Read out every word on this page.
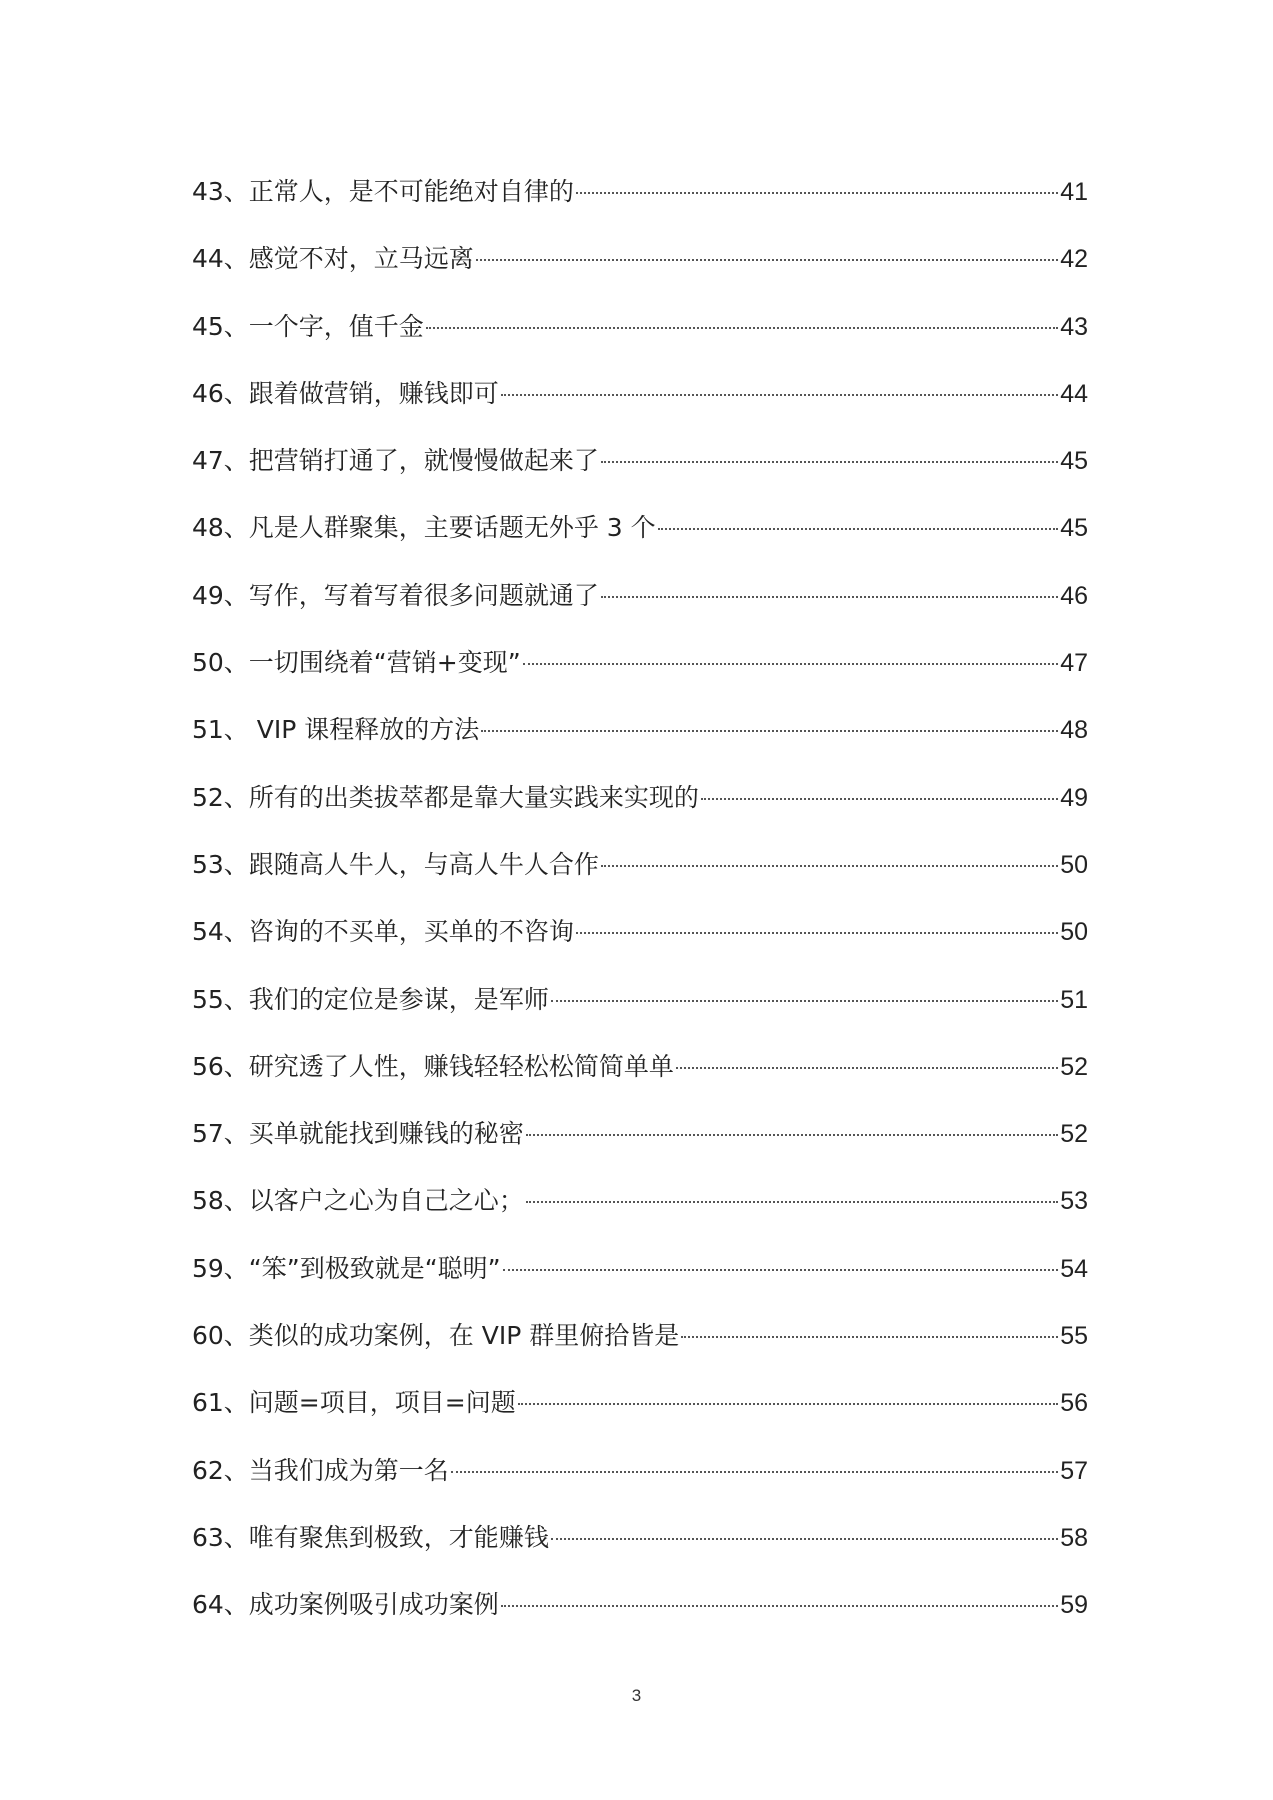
43、正常人，是不可能绝对自律的	41
44、感觉不对，立马远离	42
45、一个字，值千金	43
46、跟着做营销，赚钱即可	44
47、把营销打通了，就慢慢做起来了	45
48、凡是人群聚集，主要话题无外乎 3 个	45
49、写作，写着写着很多问题就通了	46
50、一切围绕着“营销+变现”	47
51、 VIP 课程释放的方法	48
52、所有的出类拔萃都是靠大量实践来实现的	49
53、跟随高人牛人，与高人牛人合作	50
54、咨询的不买单，买单的不咨询	50
55、我们的定位是参谋，是军师	51
56、研究透了人性，赚钱轻轻松松简简单单	52
57、买单就能找到赚钱的秘密	52
58、以客户之心为自己之心；	53
59、“笨”到极致就是“聪明”	54
60、类似的成功案例，在 VIP 群里俯拾皆是	55
61、问题=项目，项目=问题	56
62、当我们成为第一名	57
63、唯有聚焦到极致，才能赚钱	58
64、成功案例吸引成功案例	59
3
